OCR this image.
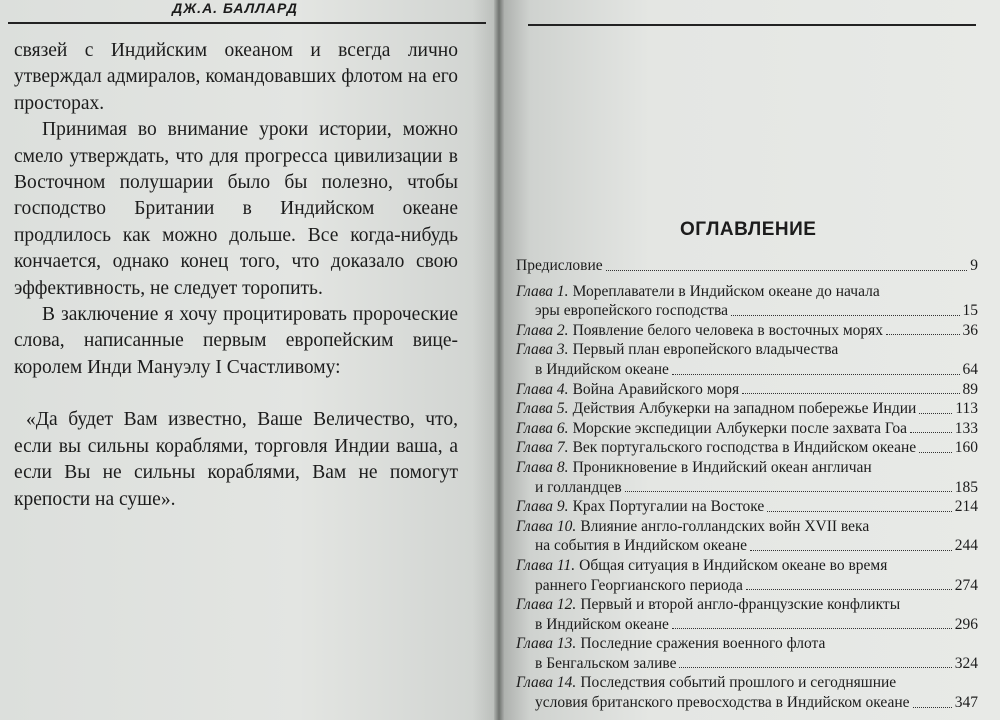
ДЖ.А. БАЛЛАРД

связей с Индийским океаном и всегда лично утверждал адмиралов, командовавших флотом на его просторах.

Принимая во внимание уроки истории, можно смело утверждать, что для прогресса цивилизации в Восточном полушарии было бы полезно, чтобы господство Британии в Индийском океане продлилось как можно дольше. Все когда-нибудь кончается, однако конец того, что доказало свою эффективность, не следует торопить.

В заключение я хочу процитировать пророческие слова, написанные первым европейским вице-королем Инди Мануэлу I Счастливому:

«Да будет Вам известно, Ваше Величество, что, если вы сильны кораблями, торговля Индии ваша, а если Вы не сильны кораблями, Вам не помогут крепости на суше».

ОГЛАВЛЕНИЕ
Предисловие	9
Глава 1. Мореплаватели в Индийском океане до начала
эры европейского господства	15
Глава 2. Появление белого человека в восточных морях	36
Глава 3. Первый план европейского владычества
в Индийском океане	64
Глава 4. Война Аравийского моря	89
Глава 5. Действия Албукерки на западном побережье Индии	113
Глава 6. Морские экспедиции Албукерки после захвата Гоа	133
Глава 7. Век португальского господства в Индийском океане 160
Глава 8. Проникновение в Индийский океан англичан
и голландцев	185
Глава 9. Крах Португалии на Востоке	214
Глава 10. Влияние англо-голландских войн XVII века
на события в Индийском океане	244
Глава 11. Общая ситуация в Индийском океане во время
раннего Георгианского периода	274
Глава 12. Первый и второй англо-французские конфликты
в Индийском океане	296
Глава 13. Последние сражения военного флота
в Бенгальском заливе	324
Глава 14. Последствия событий прошлого и сегодняшние
условия британского превосходства в Индийском океане	347
